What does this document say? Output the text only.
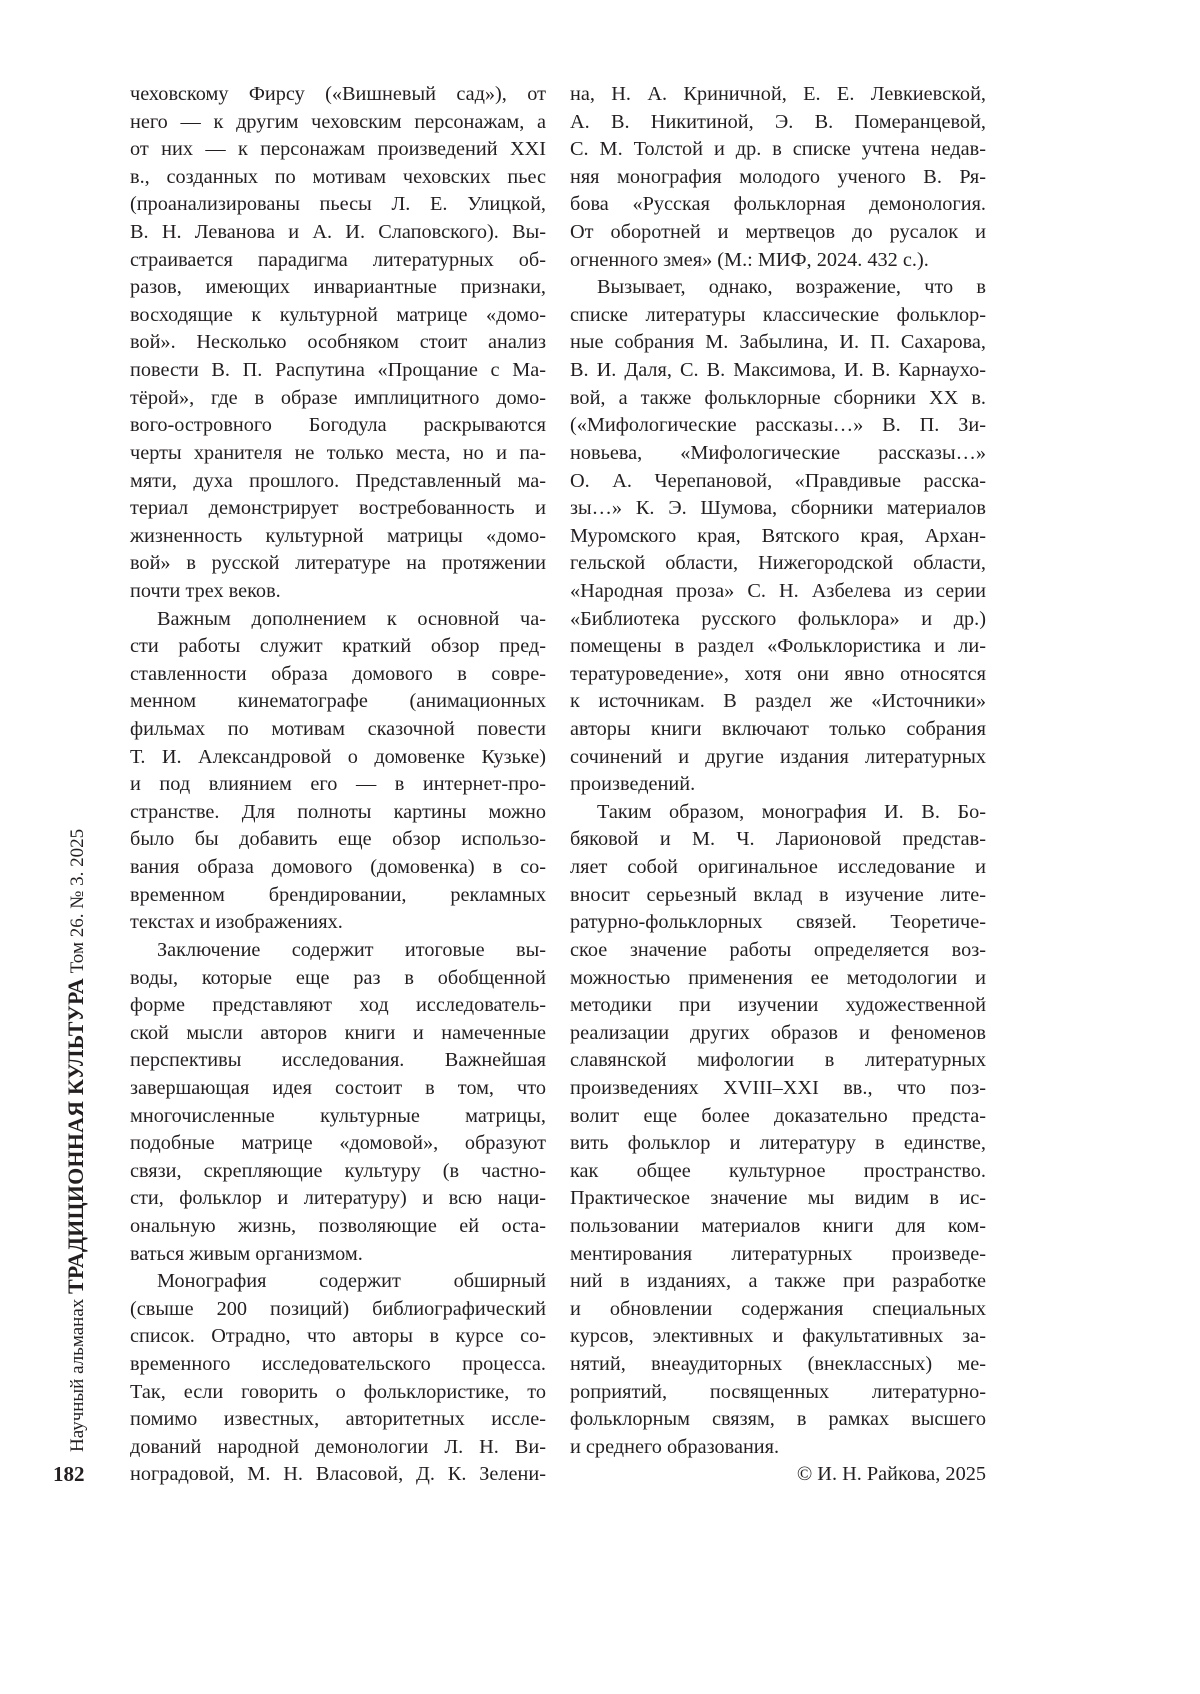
Научный альманах ТРАДИЦИОННАЯ КУЛЬТУРА Том 26. № 3. 2025
182
чеховскому Фирсу («Вишневый сад»), от
него — к другим чеховским персонажам, а
от них — к персонажам произведений XXI
в., созданных по мотивам чеховских пьес
(проанализированы пьесы Л. Е. Улицкой,
В. Н. Леванова и А. И. Слаповского). Вы-
страивается парадигма литературных об-
разов, имеющих инвариантные признаки,
восходящие к культурной матрице «домо-
вой». Несколько особняком стоит анализ
повести В. П. Распутина «Прощание с Ма-
тёрой», где в образе имплицитного домо-
вого-островного Богодула раскрываются
черты хранителя не только места, но и па-
мяти, духа прошлого. Представленный ма-
териал демонстрирует востребованность и
жизненность культурной матрицы «домо-
вой» в русской литературе на протяжении
почти трех веков.
Важным дополнением к основной ча-
сти работы служит краткий обзор пред-
ставленности образа домового в совре-
менном кинематографе (анимационных
фильмах по мотивам сказочной повести
Т. И. Александровой о домовенке Кузьке)
и под влиянием его — в интернет-про-
странстве. Для полноты картины можно
было бы добавить еще обзор использо-
вания образа домового (домовенка) в со-
временном брендировании, рекламных
текстах и изображениях.
Заключение содержит итоговые вы-
воды, которые еще раз в обобщенной
форме представляют ход исследователь-
ской мысли авторов книги и намеченные
перспективы исследования. Важнейшая
завершающая идея состоит в том, что
многочисленные культурные матрицы,
подобные матрице «домовой», образуют
связи, скрепляющие культуру (в частно-
сти, фольклор и литературу) и всю нaци-
ональную жизнь, позволяющие ей оста-
ваться живым организмом.
Монография содержит обширный
(свыше 200 позиций) библиографический
список. Отрадно, что авторы в курсе со-
временного исследовательского процесса.
Так, если говорить о фольклористике, то
помимо известных, авторитетных иссле-
дований народной демонологии Л. Н. Ви-
ноградовой, М. Н. Власовой, Д. К. Зелени-
на, Н. А. Криничной, Е. Е. Левкиевской,
А. В. Никитиной, Э. В. Померанцевой,
С. М. Толстой и др. в списке учтена недав-
няя монография молодого ученого В. Ря-
бова «Русская фольклорная демонология.
От оборотней и мертвецов до русалок и
огненного змея» (М.: МИФ, 2024. 432 с.).
Вызывает, однако, возражение, что в
списке литературы классические фольклор-
ные собрания М. Забылина, И. П. Сахарова,
В. И. Даля, С. В. Максимова, И. В. Карнаухо-
вой, а также фольклорные сборники XX в.
(«Мифологические рассказы…» В. П. Зи-
новьева, «Мифологические рассказы…»
О. А. Черепановой, «Правдивые расска-
зы…» К. Э. Шумова, сборники материалов
Муромского края, Вятского края, Архан-
гельской области, Нижегородской области,
«Народная проза» С. Н. Азбелева из серии
«Библиотека русского фольклора» и др.)
помещены в раздел «Фольклористика и ли-
тературоведение», хотя они явно относятся
к источникам. В раздел же «Источники»
авторы книги включают только собрания
сочинений и другие издания литературных
произведений.
Таким образом, монография И. В. Бо-
бяковой и М. Ч. Ларионовой представ-
ляет собой оригинальное исследование и
вносит серьезный вклад в изучение лите-
ратурно-фольклорных связей. Теоретиче-
ское значение работы определяется воз-
можностью применения ее методологии и
методики при изучении художественной
реализации других образов и феноменов
славянской мифологии в литературных
произведениях XVIII–XXI вв., что поз-
волит еще более доказательно предста-
вить фольклор и литературу в единстве,
как общее культурное пространство.
Практическое значение мы видим в ис-
пользовании материалов книги для ком-
ментирования литературных произведе-
ний в изданиях, а также при разработке
и обновлении содержания специальных
курсов, элективных и факультативных за-
нятий, внеаудиторных (внеклассных) ме-
роприятий, посвященных литературно-
фольклорным связям, в рамках высшего
и среднего образования.
© И. Н. Райкова, 2025
